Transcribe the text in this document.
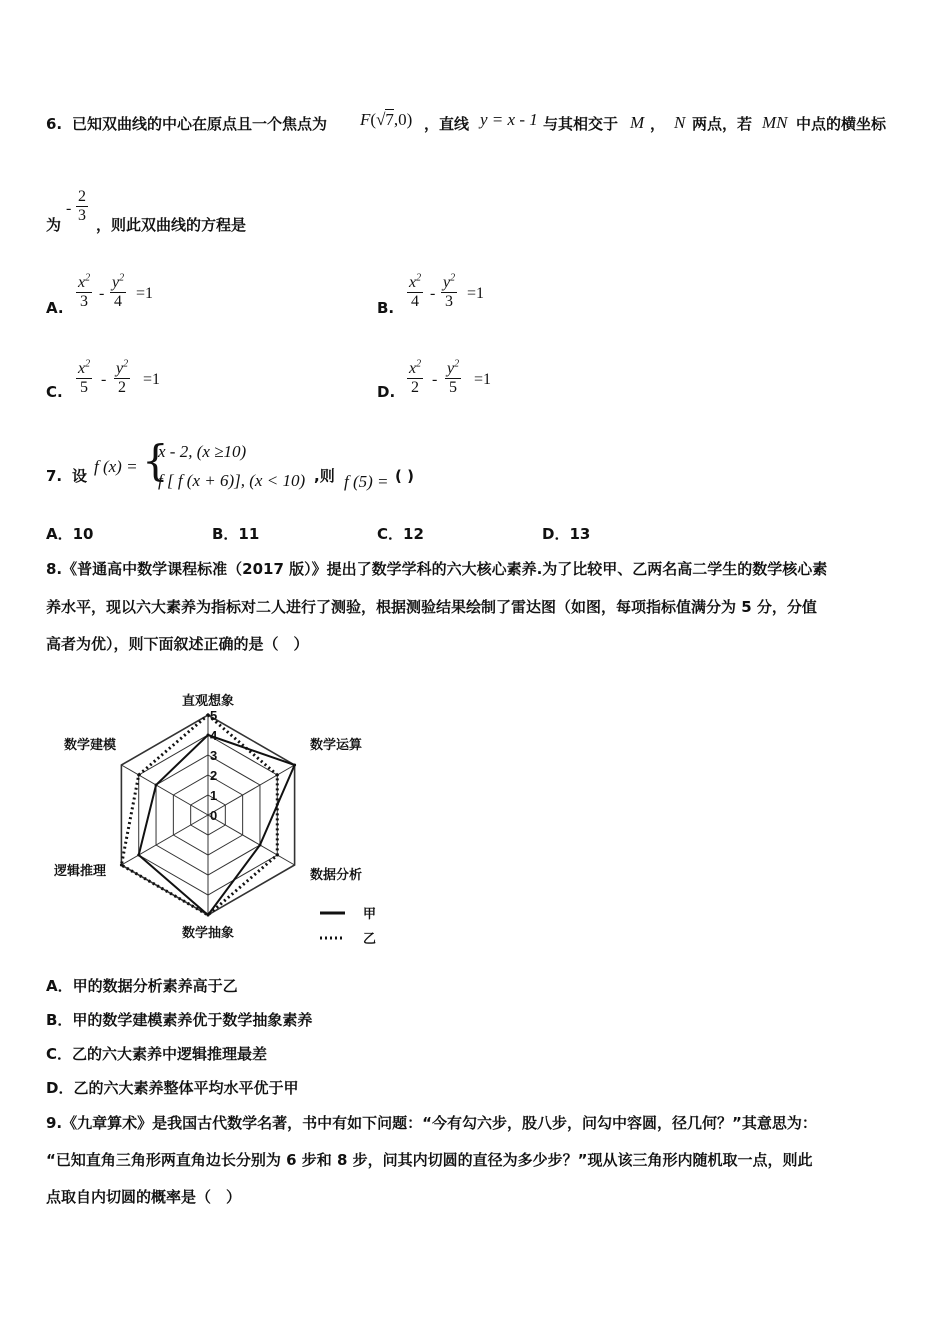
6. 已知双曲线的中心在原点且一个焦点为 F(√7,0) ，直线 y = x - 1 与其相交于 M ， N 两点，若 MN 中点的横坐标
为
- $\frac{2}{3}$ ，则此双曲线的方程是
A. $\frac{x^2}{3} - \frac{y^2}{4} =1$
B. $\frac{x^2}{4} - \frac{y^2}{3} =1$
C. $\frac{x^2}{5} - \frac{y^2}{2} =1$
D. $\frac{x^2}{2} - \frac{y^2}{5} =1$
7. 设 f (x) = {
x - 2, (x ≥10)
f [ f (x + 6)], (x < 10) ,则 f (5) = ( )
A．10	B．11	C．12	D．13
8.《普通高中数学课程标准（2017 版）》提出了数学学科的六大核心素养.为了比较甲、乙两名高二学生的数学核心素
养水平，现以六大素养为指标对二人进行了测验，根据测验结果绘制了雷达图（如图，每项指标值满分为 5 分，分值
高者为优），则下面叙述正确的是（　）
0
1
2
3
4
5
直观想象
数学运算
数据分析
数学抽象
逻辑推理
数学建模
甲
乙
A．甲的数据分析素养高于乙
B．甲的数学建模素养优于数学抽象素养
C．乙的六大素养中逻辑推理最差
D．乙的六大素养整体平均水平优于甲
9.《九章算术》是我国古代数学名著，书中有如下问题：“今有勾六步，股八步，问勾中容圆，径几何？”其意思为：
“已知直角三角形两直角边长分别为 6 步和 8 步，问其内切圆的直径为多少步？”现从该三角形内随机取一点，则此
点取自内切圆的概率是（　）
